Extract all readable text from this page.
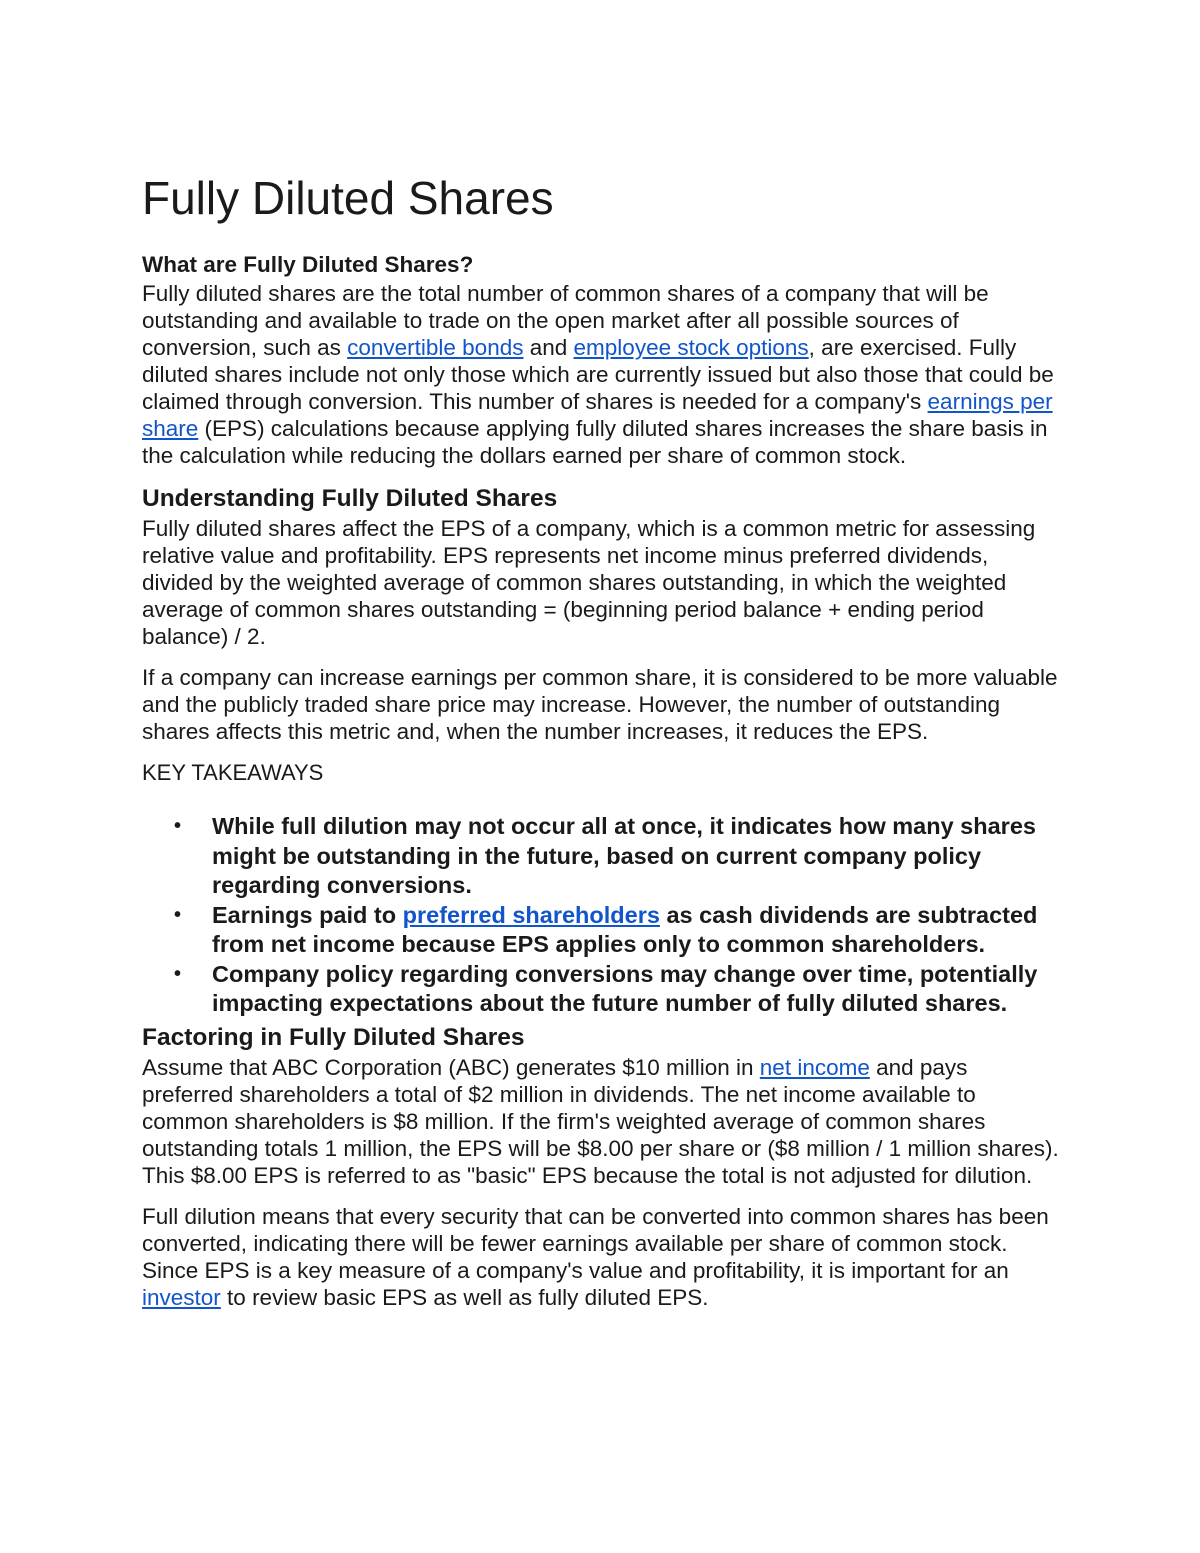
Fully Diluted Shares
What are Fully Diluted Shares?

Fully diluted shares are the total number of common shares of a company that will be outstanding and available to trade on the open market after all possible sources of conversion, such as convertible bonds and employee stock options, are exercised. Fully diluted shares include not only those which are currently issued but also those that could be claimed through conversion. This number of shares is needed for a company's earnings per share (EPS) calculations because applying fully diluted shares increases the share basis in the calculation while reducing the dollars earned per share of common stock.

Understanding Fully Diluted Shares

Fully diluted shares affect the EPS of a company, which is a common metric for assessing relative value and profitability. EPS represents net income minus preferred dividends, divided by the weighted average of common shares outstanding, in which the weighted average of common shares outstanding = (beginning period balance + ending period balance) / 2.

If a company can increase earnings per common share, it is considered to be more valuable and the publicly traded share price may increase. However, the number of outstanding shares affects this metric and, when the number increases, it reduces the EPS.

KEY TAKEAWAYS
• While full dilution may not occur all at once, it indicates how many shares might be outstanding in the future, based on current company policy regarding conversions.
• Earnings paid to preferred shareholders as cash dividends are subtracted from net income because EPS applies only to common shareholders.
• Company policy regarding conversions may change over time, potentially impacting expectations about the future number of fully diluted shares.
Factoring in Fully Diluted Shares

Assume that ABC Corporation (ABC) generates $10 million in net income and pays preferred shareholders a total of $2 million in dividends. The net income available to common shareholders is $8 million. If the firm's weighted average of common shares outstanding totals 1 million, the EPS will be $8.00 per share or ($8 million / 1 million shares). This $8.00 EPS is referred to as "basic" EPS because the total is not adjusted for dilution.

Full dilution means that every security that can be converted into common shares has been converted, indicating there will be fewer earnings available per share of common stock. Since EPS is a key measure of a company's value and profitability, it is important for an investor to review basic EPS as well as fully diluted EPS.
